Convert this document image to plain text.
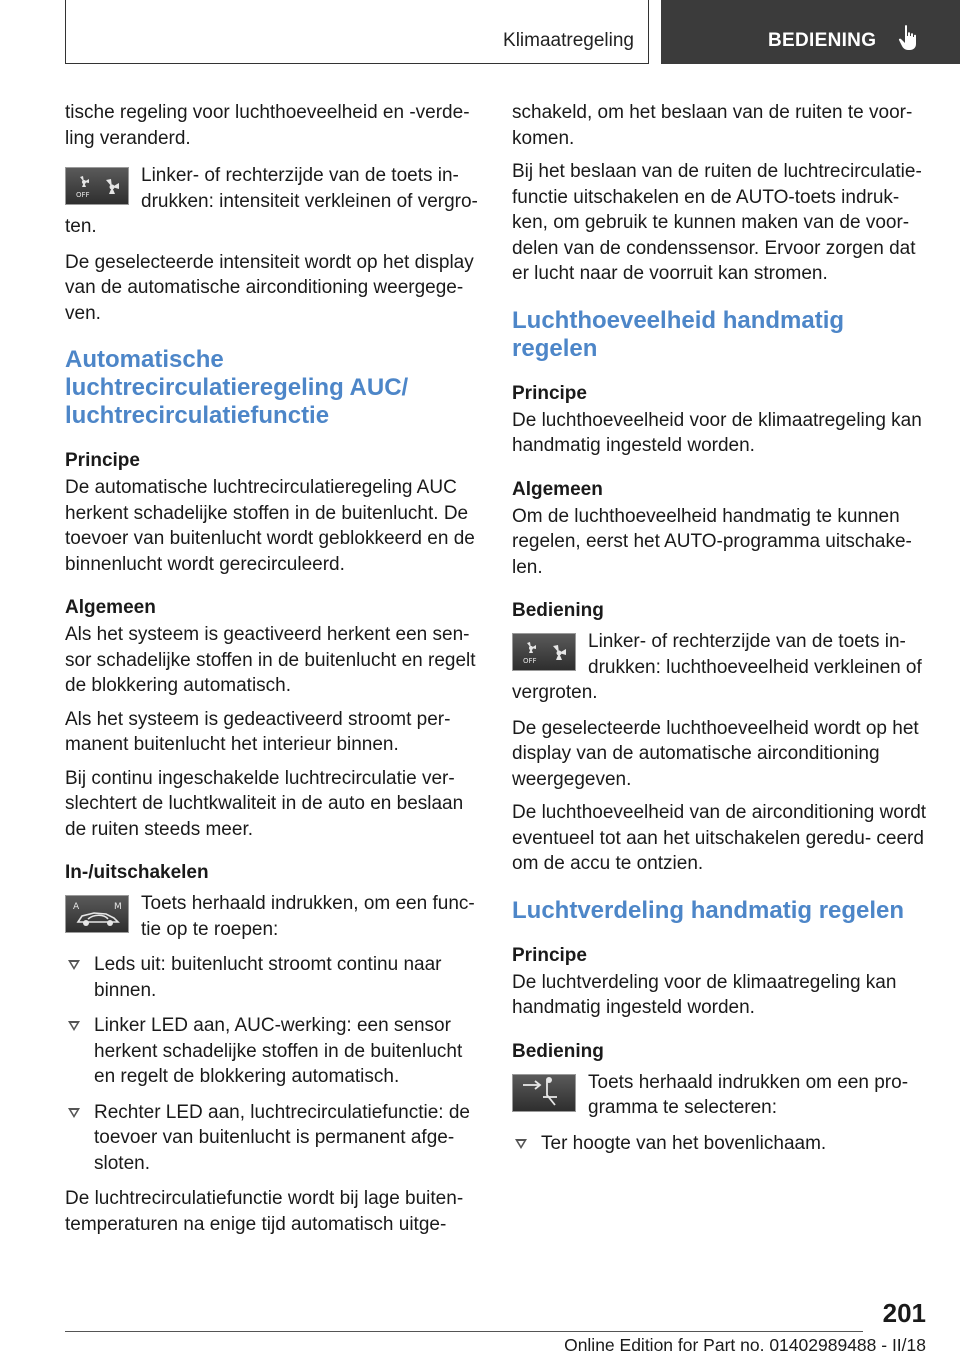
Klimaatregeling	BEDIENING

tische regeling voor luchthoeveelheid en -verde‐ ling veranderd.

OFF

Linker- of rechterzijde van de toets in‐

drukken: intensiteit verkleinen of vergro‐

ten.

De geselecteerde intensiteit wordt op het display van de automatische airconditioning weergege‐ ven.

Automatische luchtrecirculatieregeling AUC/ luchtrecirculatiefunctie
Principe

De automatische luchtrecirculatieregeling AUC herkent schadelijke stoffen in de buitenlucht. De toevoer van buitenlucht wordt geblokkeerd en de binnenlucht wordt gerecirculeerd.

Algemeen

Als het systeem is geactiveerd herkent een sen‐ sor schadelijke stoffen in de buitenlucht en regelt de blokkering automatisch.

Als het systeem is gedeactiveerd stroomt per‐ manent buitenlucht het interieur binnen.

Bij continu ingeschakelde luchtrecirculatie ver‐ slechtert de luchtkwaliteit in de auto en beslaan de ruiten steeds meer.

In-/uitschakelen
A	M	Toets herhaald indrukken, om een func‐

tie op te roepen:

Leds uit: buitenlucht stroomt continu naar binnen.
Linker LED aan, AUC-werking: een sensor herkent schadelijke stoffen in de buitenlucht en regelt de blokkering automatisch.
Rechter LED aan, luchtrecirculatiefunctie: de toevoer van buitenlucht is permanent afge‐ sloten.

De luchtrecirculatiefunctie wordt bij lage buiten‐ temperaturen na enige tijd automatisch uitge‐

schakeld, om het beslaan van de ruiten te voor‐ komen.

Bij het beslaan van de ruiten de luchtrecirculatie‐ functie uitschakelen en de AUTO-toets indruk‐ ken, om gebruik te kunnen maken van de voor‐ delen van de condenssensor. Ervoor zorgen dat er lucht naar de voorruit kan stromen.

Luchthoeveelheid handmatig regelen
Principe

De luchthoeveelheid voor de klimaatregeling kan handmatig ingesteld worden.

Algemeen

Om de luchthoeveelheid handmatig te kunnen regelen, eerst het AUTO-programma uitschake‐ len.

Bediening
OFF

Linker- of rechterzijde van de toets in‐

drukken: luchthoeveelheid verkleinen of

vergroten.

De geselecteerde luchthoeveelheid wordt op het display van de automatische airconditioning weergegeven.

De luchthoeveelheid van de airconditioning wordt eventueel tot aan het uitschakelen geredu‐ ceerd om de accu te ontzien.

Luchtverdeling handmatig regelen
Principe

De luchtverdeling voor de klimaatregeling kan handmatig ingesteld worden.

Bediening

Toets herhaald indrukken om een pro‐

gramma te selecteren:

Ter hoogte van het bovenlichaam.
201
Online Edition for Part no. 01402989488 - II/18
